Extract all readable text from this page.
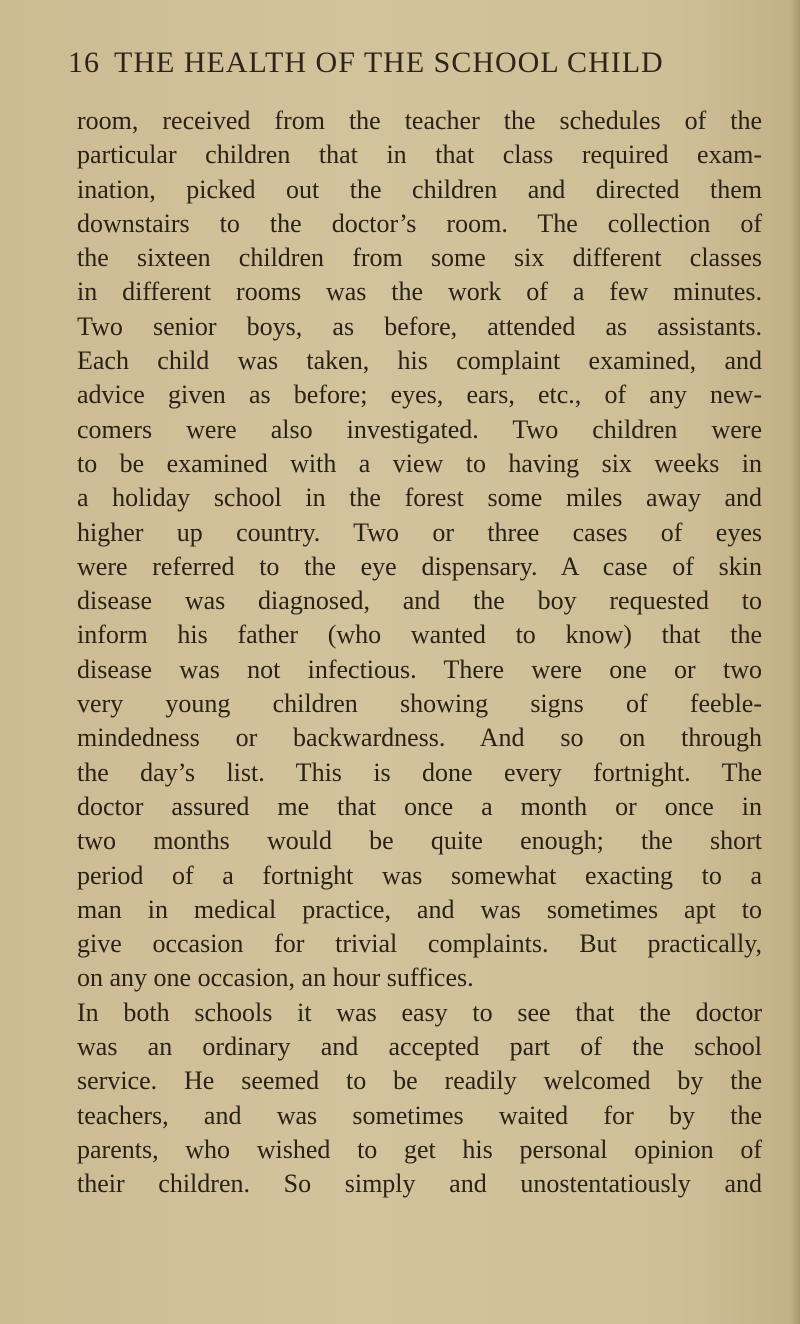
16 THE HEALTH OF THE SCHOOL CHILD
room, received from the teacher the schedules of the
particular children that in that class required exam-
ination, picked out the children and directed them
downstairs to the doctor’s room. The collection of
the sixteen children from some six different classes
in different rooms was the work of a few minutes.
Two senior boys, as before, attended as assistants.
Each child was taken, his complaint examined, and
advice given as before; eyes, ears, etc., of any new-
comers were also investigated. Two children were
to be examined with a view to having six weeks in
a holiday school in the forest some miles away and
higher up country. Two or three cases of eyes
were referred to the eye dispensary. A case of skin
disease was diagnosed, and the boy requested to
inform his father (who wanted to know) that the
disease was not infectious. There were one or two
very young children showing signs of feeble-
mindedness or backwardness. And so on through
the day’s list. This is done every fortnight. The
doctor assured me that once a month or once in
two months would be quite enough; the short
period of a fortnight was somewhat exacting to a
man in medical practice, and was sometimes apt to
give occasion for trivial complaints. But practically,
on any one occasion, an hour suffices.
In both schools it was easy to see that the doctor
was an ordinary and accepted part of the school
service. He seemed to be readily welcomed by the
teachers, and was sometimes waited for by the
parents, who wished to get his personal opinion of
their children. So simply and unostentatiously and
